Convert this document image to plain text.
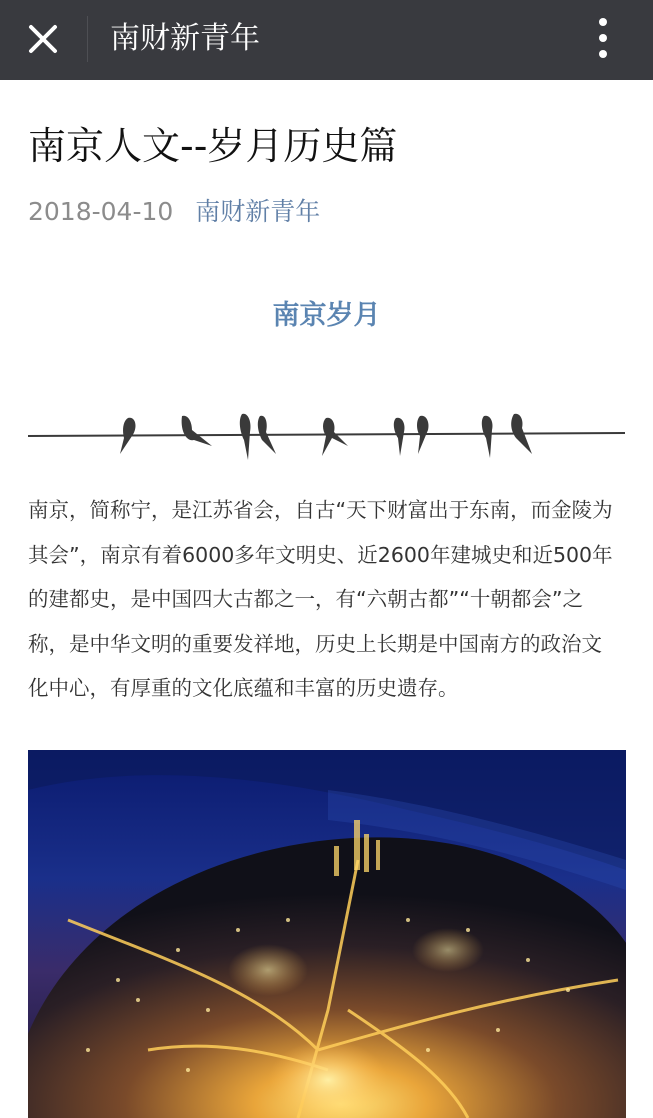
南财新青年
南京人文--岁月历史篇
2018-04-10 南财新青年
南京岁月

南京，简称宁，是江苏省会，自古“天下财富出于东南，而金陵为

其会”，南京有着6000多年文明史、近2600年建城史和近500年

的建都史，是中国四大古都之一，有“六朝古都”“十朝都会”之

称，是中华文明的重要发祥地，历史上长期是中国南方的政治文

化中心，有厚重的文化底蕴和丰富的历史遗存。
